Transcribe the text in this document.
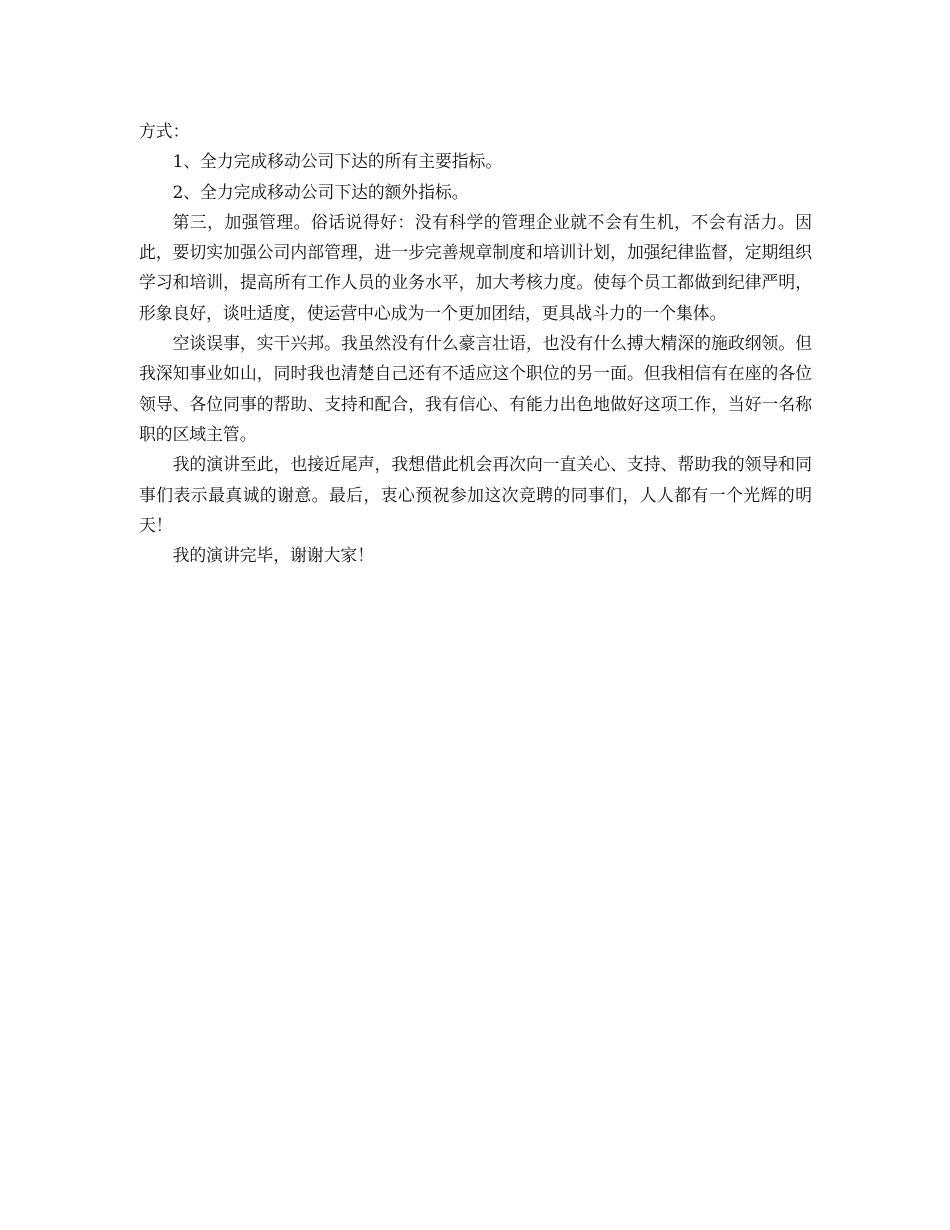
方式：

1、全力完成移动公司下达的所有主要指标。

2、全力完成移动公司下达的额外指标。

第三，加强管理。俗话说得好：没有科学的管理企业就不会有生机，不会有活力。因此，要切实加强公司内部管理，进一步完善规章制度和培训计划，加强纪律监督，定期组织学习和培训，提高所有工作人员的业务水平，加大考核力度。使每个员工都做到纪律严明，形象良好，谈吐适度，使运营中心成为一个更加团结，更具战斗力的一个集体。

空谈误事，实干兴邦。我虽然没有什么豪言壮语，也没有什么搏大精深的施政纲领。但我深知事业如山，同时我也清楚自己还有不适应这个职位的另一面。但我相信有在座的各位领导、各位同事的帮助、支持和配合，我有信心、有能力出色地做好这项工作，当好一名称职的区域主管。

我的演讲至此，也接近尾声，我想借此机会再次向一直关心、支持、帮助我的领导和同事们表示最真诚的谢意。最后，衷心预祝参加这次竞聘的同事们，人人都有一个光辉的明天！

我的演讲完毕，谢谢大家！
